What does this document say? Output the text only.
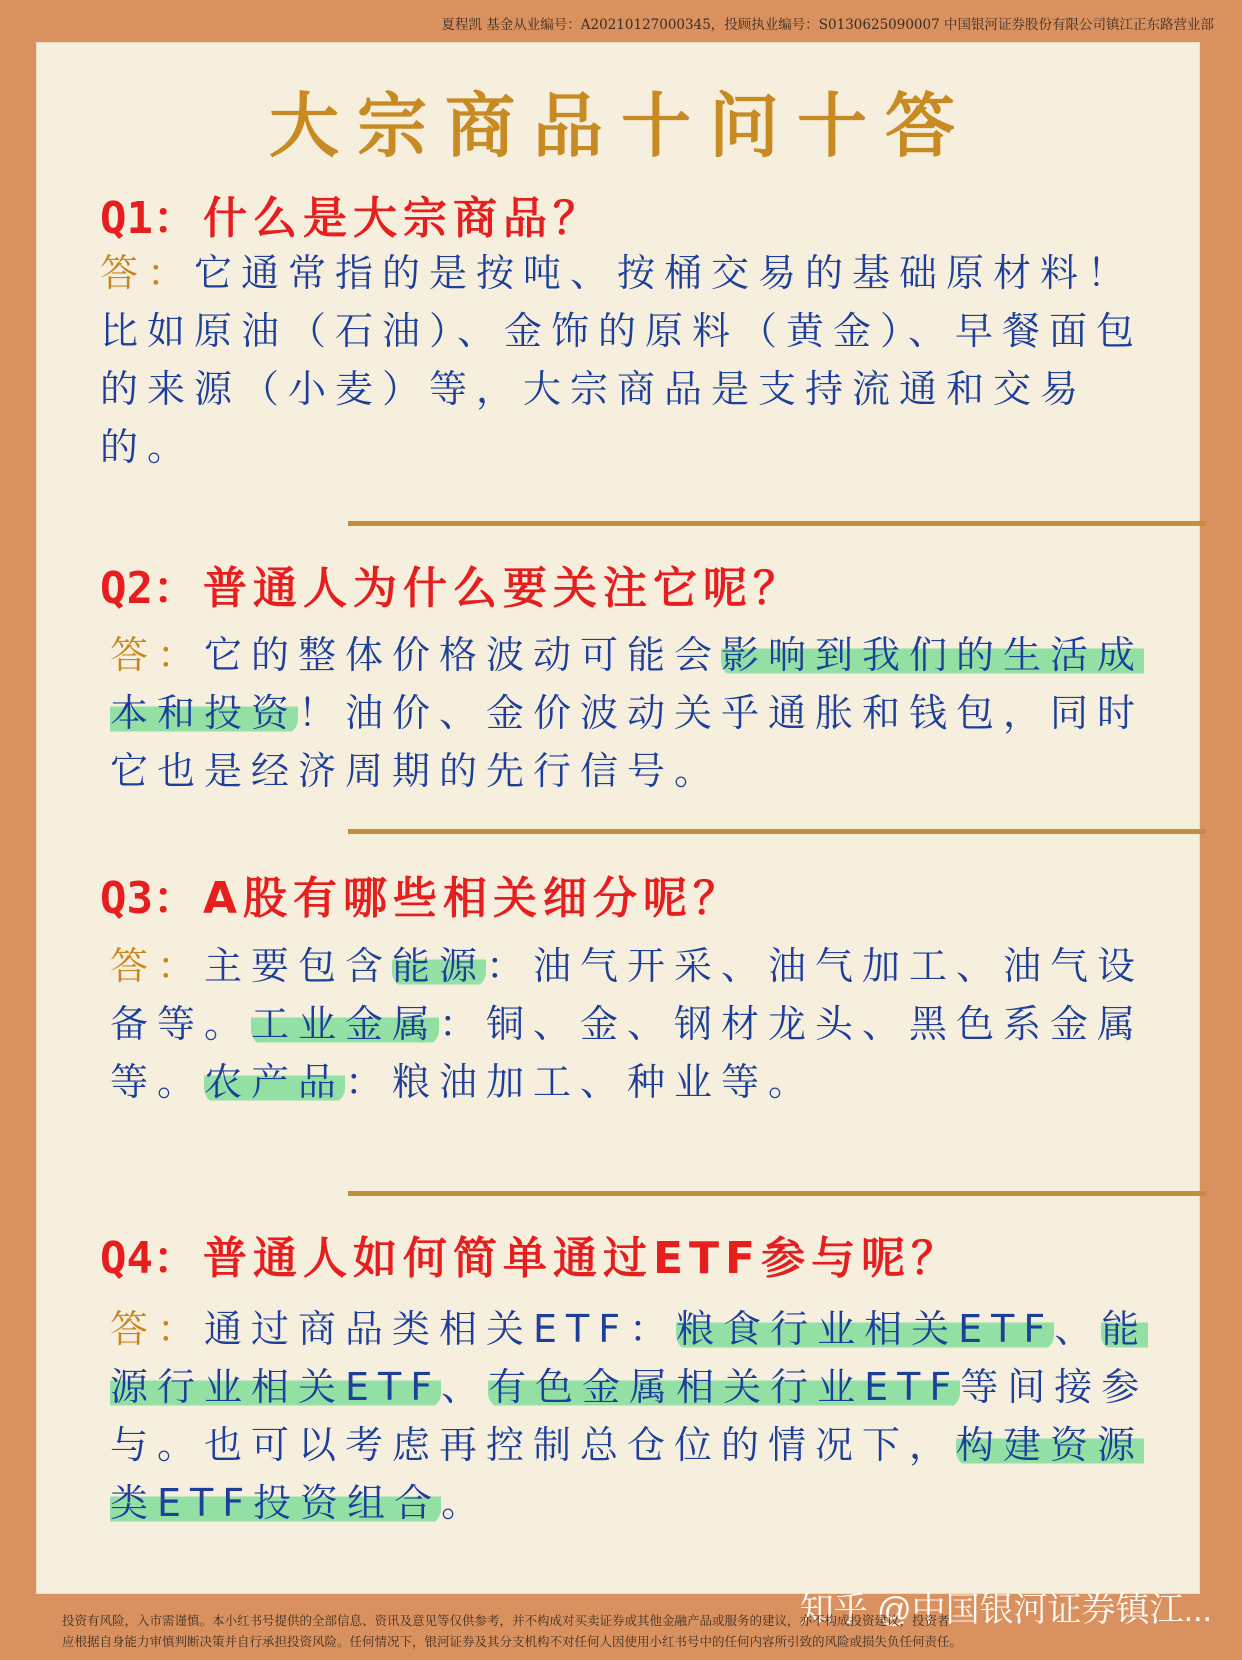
夏程凯 基金从业编号：A20210127000345，投顾执业编号：S0130625090007 中国银河证券股份有限公司镇江正东路营业部
大宗商品十问十答
Q1： 什么是大宗商品？
答：它通常指的是按吨、按桶交易的基础原材料！比如原油（石油）、金饰的原料（黄金）、早餐面包的来源（小麦）等，大宗商品是支持流通和交易的。
Q2： 普通人为什么要关注它呢？
答：它的整体价格波动可能会影响到我们的生活成本和投资！油价、金价波动关乎通胀和钱包，同时它也是经济周期的先行信号。
Q3： A股有哪些相关细分呢？
答：主要包含能源：油气开采、油气加工、油气设备等。工业金属：铜、金、钢材龙头、黑色系金属等。农产品：粮油加工、种业等。
Q4： 普通人如何简单通过ETF参与呢？
答：通过商品类相关ETF：粮食行业相关ETF、能源行业相关ETF、有色金属相关行业ETF等间接参与。也可以考虑再控制总仓位的情况下，构建资源类ETF投资组合。
知乎 @中国银河证券镇江...
投资有风险，入市需谨慎。本小红书号提供的全部信息、资讯及意见等仅供参考，并不构成对买卖证券或其他金融产品或服务的建议，亦不构成投资建议，投资者
应根据自身能力审慎判断决策并自行承担投资风险。任何情况下，银河证券及其分支机构不对任何人因使用小红书号中的任何内容所引致的风险或损失负任何责任。
